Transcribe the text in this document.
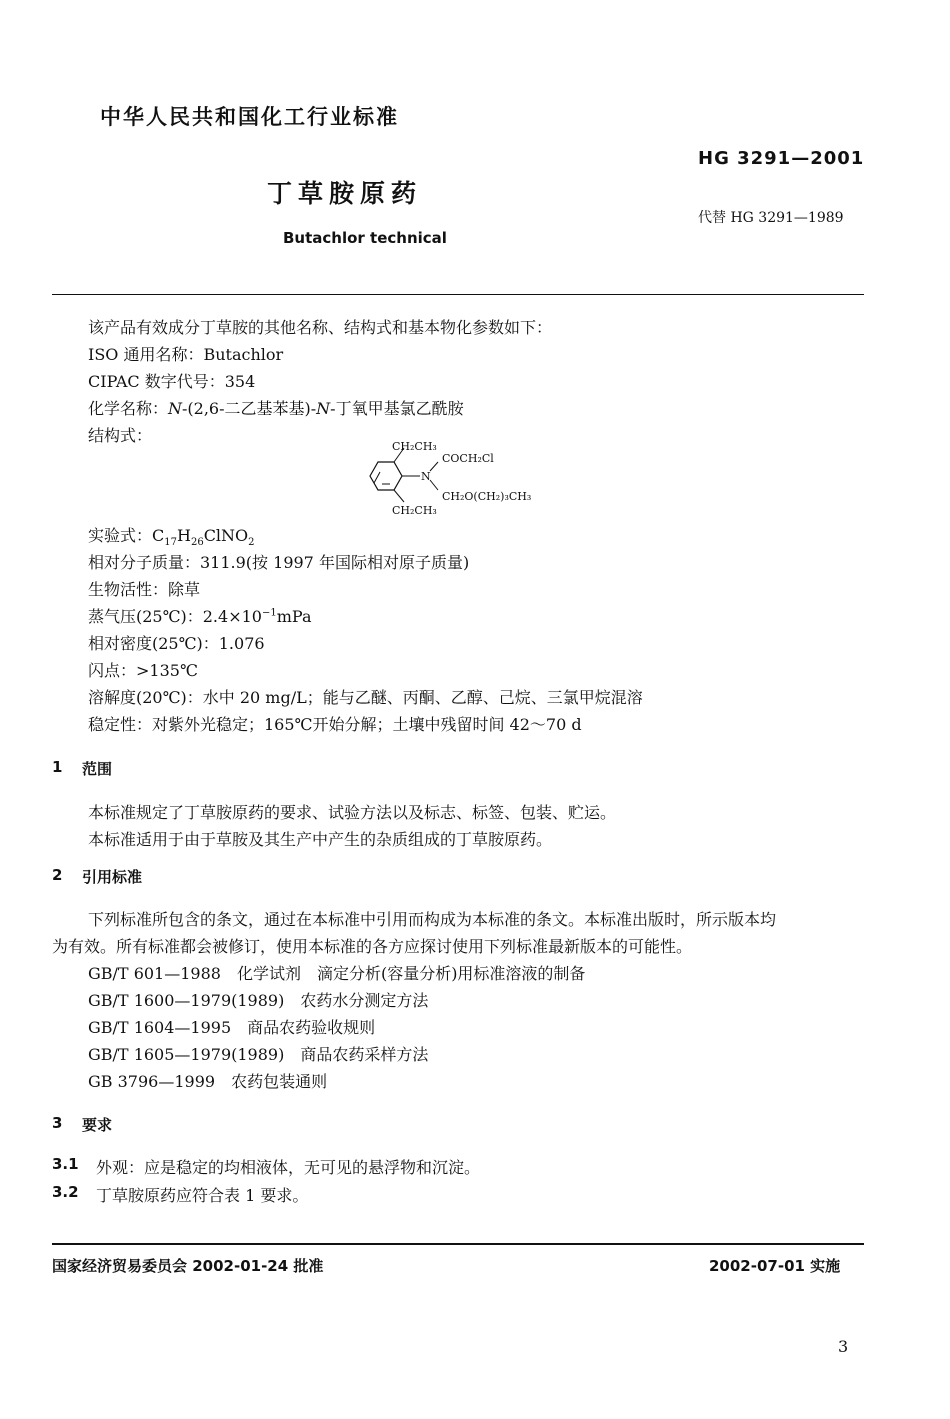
中华人民共和国化工行业标准
HG 3291—2001
代替 HG 3291—1989
丁草胺原药
Butachlor technical
该产品有效成分丁草胺的其他名称、结构式和基本物化参数如下：
ISO 通用名称：Butachlor
CIPAC 数字代号：354
化学名称：N-(2,6-二乙基苯基)-N-丁氧甲基氯乙酰胺
结构式：
CH₂CH₃
COCH₂Cl
N
CH₂O(CH₂)₃CH₃
CH₂CH₃
实验式：$C_{17}H_{26}ClNO_2$
相对分子质量：311.9(按 1997 年国际相对原子质量)
生物活性：除草
蒸气压(25℃)：$2.4\times 10^{-1}mPa$
相对密度(25℃)：1.076
闪点：>135℃
溶解度(20℃)：水中 20 mg/L；能与乙醚、丙酮、乙醇、己烷、三氯甲烷混溶
稳定性：对紫外光稳定；165℃开始分解；土壤中残留时间 42～70 d
1 范围
本标准规定了丁草胺原药的要求、试验方法以及标志、标签、包装、贮运。
本标准适用于由于草胺及其生产中产生的杂质组成的丁草胺原药。
2 引用标准
下列标准所包含的条文，通过在本标准中引用而构成为本标准的条文。本标准出版时，所示版本均
为有效。所有标准都会被修订，使用本标准的各方应探讨使用下列标准最新版本的可能性。
GB/T 601—1988　化学试剂　滴定分析(容量分析)用标准溶液的制备
GB/T 1600—1979(1989)　农药水分测定方法
GB/T 1604—1995　商品农药验收规则
GB/T 1605—1979(1989)　商品农药采样方法
GB 3796—1999　农药包装通则
3 要求
3.1 外观：应是稳定的均相液体，无可见的悬浮物和沉淀。
3.2 丁草胺原药应符合表 1 要求。
国家经济贸易委员会 2002-01-24 批准	2002-07-01 实施
3
